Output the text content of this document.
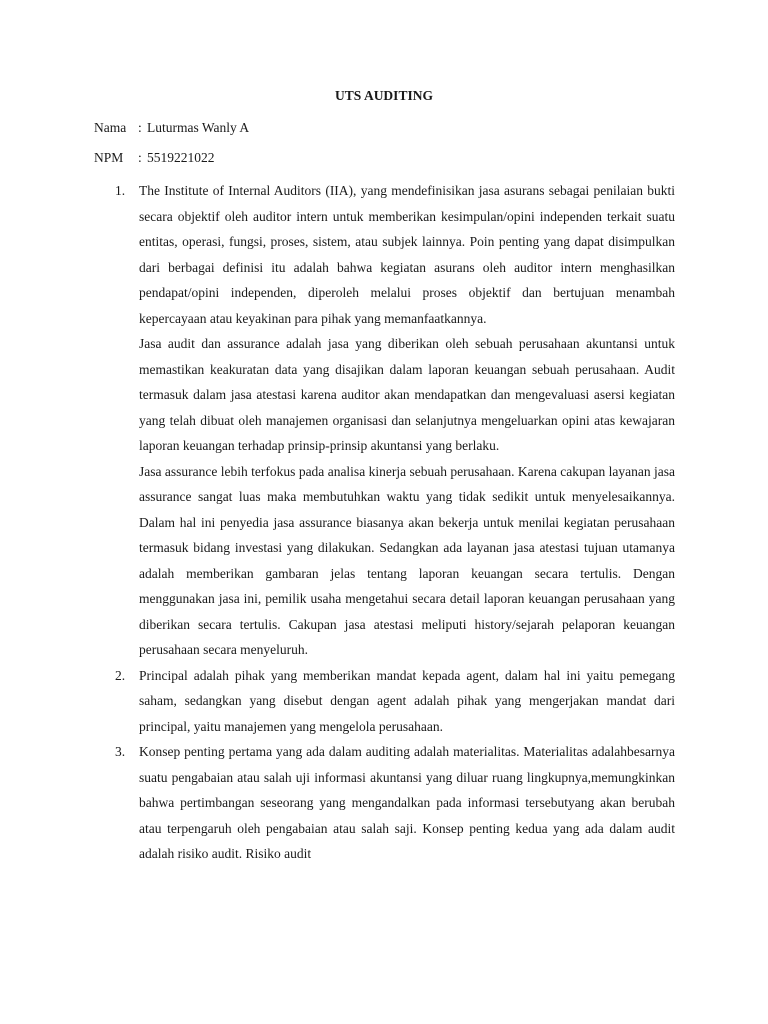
UTS AUDITING
Nama : Luturmas Wanly A
NPM : 5519221022
1. The Institute of Internal Auditors (IIA), yang mendefinisikan jasa asurans sebagai penilaian bukti secara objektif oleh auditor intern untuk memberikan kesimpulan/opini independen terkait suatu entitas, operasi, fungsi, proses, sistem, atau subjek lainnya. Poin penting yang dapat disimpulkan dari berbagai definisi itu adalah bahwa kegiatan asurans oleh auditor intern menghasilkan pendapat/opini independen, diperoleh melalui proses objektif dan bertujuan menambah kepercayaan atau keyakinan para pihak yang memanfaatkannya.

Jasa audit dan assurance adalah jasa yang diberikan oleh sebuah perusahaan akuntansi untuk memastikan keakuratan data yang disajikan dalam laporan keuangan sebuah perusahaan. Audit termasuk dalam jasa atestasi karena auditor akan mendapatkan dan mengevaluasi asersi kegiatan yang telah dibuat oleh manajemen organisasi dan selanjutnya mengeluarkan opini atas kewajaran laporan keuangan terhadap prinsip-prinsip akuntansi yang berlaku.

Jasa assurance lebih terfokus pada analisa kinerja sebuah perusahaan. Karena cakupan layanan jasa assurance sangat luas maka membutuhkan waktu yang tidak sedikit untuk menyelesaikannya. Dalam hal ini penyedia jasa assurance biasanya akan bekerja untuk menilai kegiatan perusahaan termasuk bidang investasi yang dilakukan. Sedangkan ada layanan jasa atestasi tujuan utamanya adalah memberikan gambaran jelas tentang laporan keuangan secara tertulis. Dengan menggunakan jasa ini, pemilik usaha mengetahui secara detail laporan keuangan perusahaan yang diberikan secara tertulis. Cakupan jasa atestasi meliputi history/sejarah pelaporan keuangan perusahaan secara menyeluruh.

2. Principal adalah pihak yang memberikan mandat kepada agent, dalam hal ini yaitu pemegang saham, sedangkan yang disebut dengan agent adalah pihak yang mengerjakan mandat dari principal, yaitu manajemen yang mengelola perusahaan.

3. Konsep penting pertama yang ada dalam auditing adalah materialitas. Materialitas adalahbesarnya suatu pengabaian atau salah uji informasi akuntansi yang diluar ruang lingkupnya,memungkinkan bahwa pertimbangan seseorang yang mengandalkan pada informasi tersebutyang akan berubah atau terpengaruh oleh pengabaian atau salah saji. Konsep penting kedua yang ada dalam audit adalah risiko audit. Risiko audit
